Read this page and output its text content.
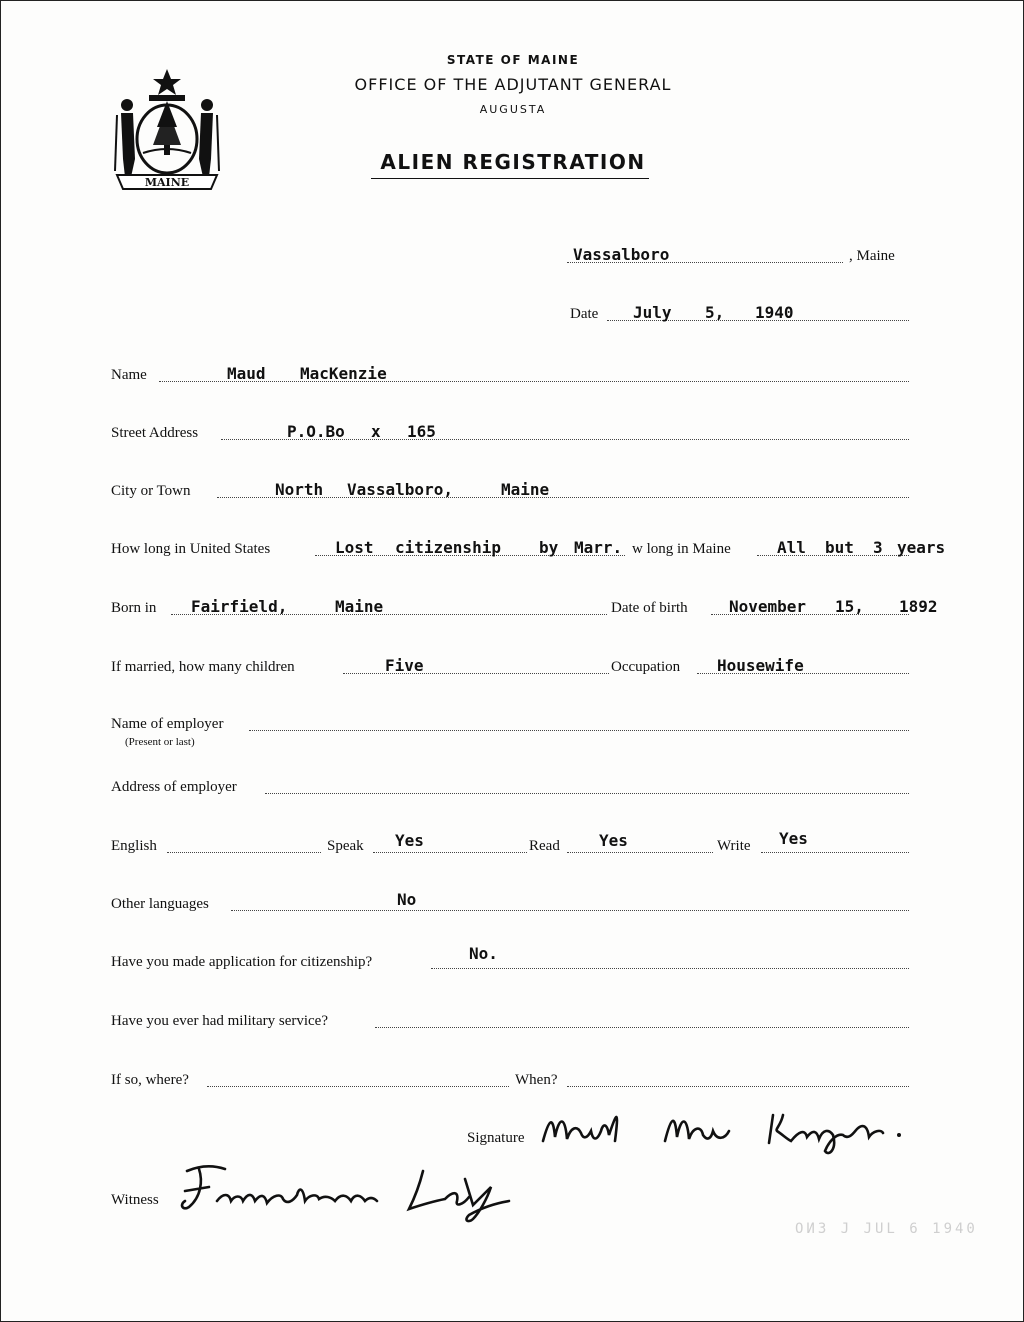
MAINE
STATE OF MAINE
OFFICE OF THE ADJUTANT GENERAL
AUGUSTA
ALIEN REGISTRATION
Vassalboro	, Maine
Date July 5, 1940
Name	Maud MacKenzie
Street Address	P.O.Bo x 165
City or Town	North Vassalboro,	Maine
How long in United States	Lost citizenship by Marr. w long in Maine	All but 3 years
Born in Fairfield,	Maine	Date of birth	November 15, 1892
If married, how many children	Five	Occupation Housewife
Name of employer
(Present or last)
Address of employer
English	Speak Yes	Read Yes	Write Yes
Other languages	No
Have you made application for citizenship?	No.
Have you ever had military service?
If so, where?	When?
Signature
Witness
ОИЗ J JUL 6 1940
